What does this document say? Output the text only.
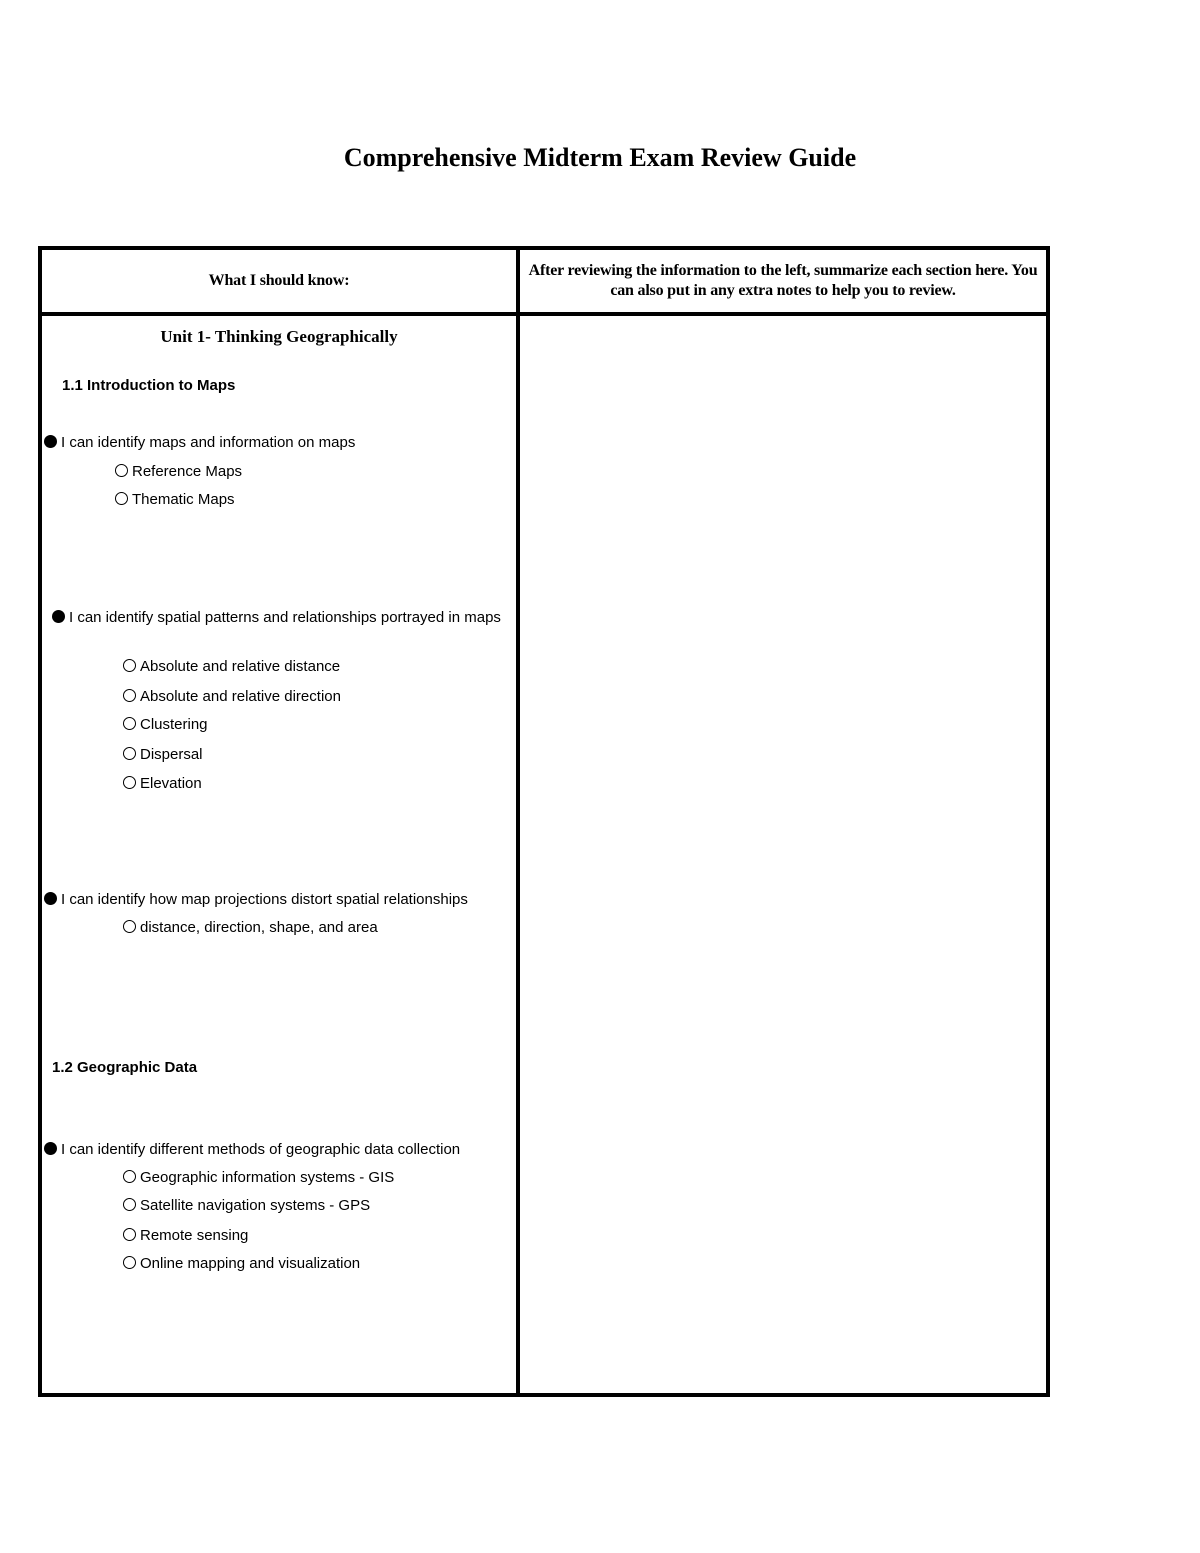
Comprehensive Midterm Exam Review Guide
What I should know:
After reviewing the information to the left, summarize each section here. You can also put in any extra notes to help you to review.
Unit 1- Thinking Geographically
1.1 Introduction to Maps
I can identify maps and information on maps
Reference Maps
Thematic Maps
I can identify spatial patterns and relationships portrayed in maps
Absolute and relative distance
Absolute and relative direction
Clustering
Dispersal
Elevation
I can identify how map projections distort spatial relationships
distance, direction, shape, and area
1.2 Geographic Data
I can identify different methods of geographic data collection
Geographic information systems - GIS
Satellite navigation systems - GPS
Remote sensing
Online mapping and visualization
